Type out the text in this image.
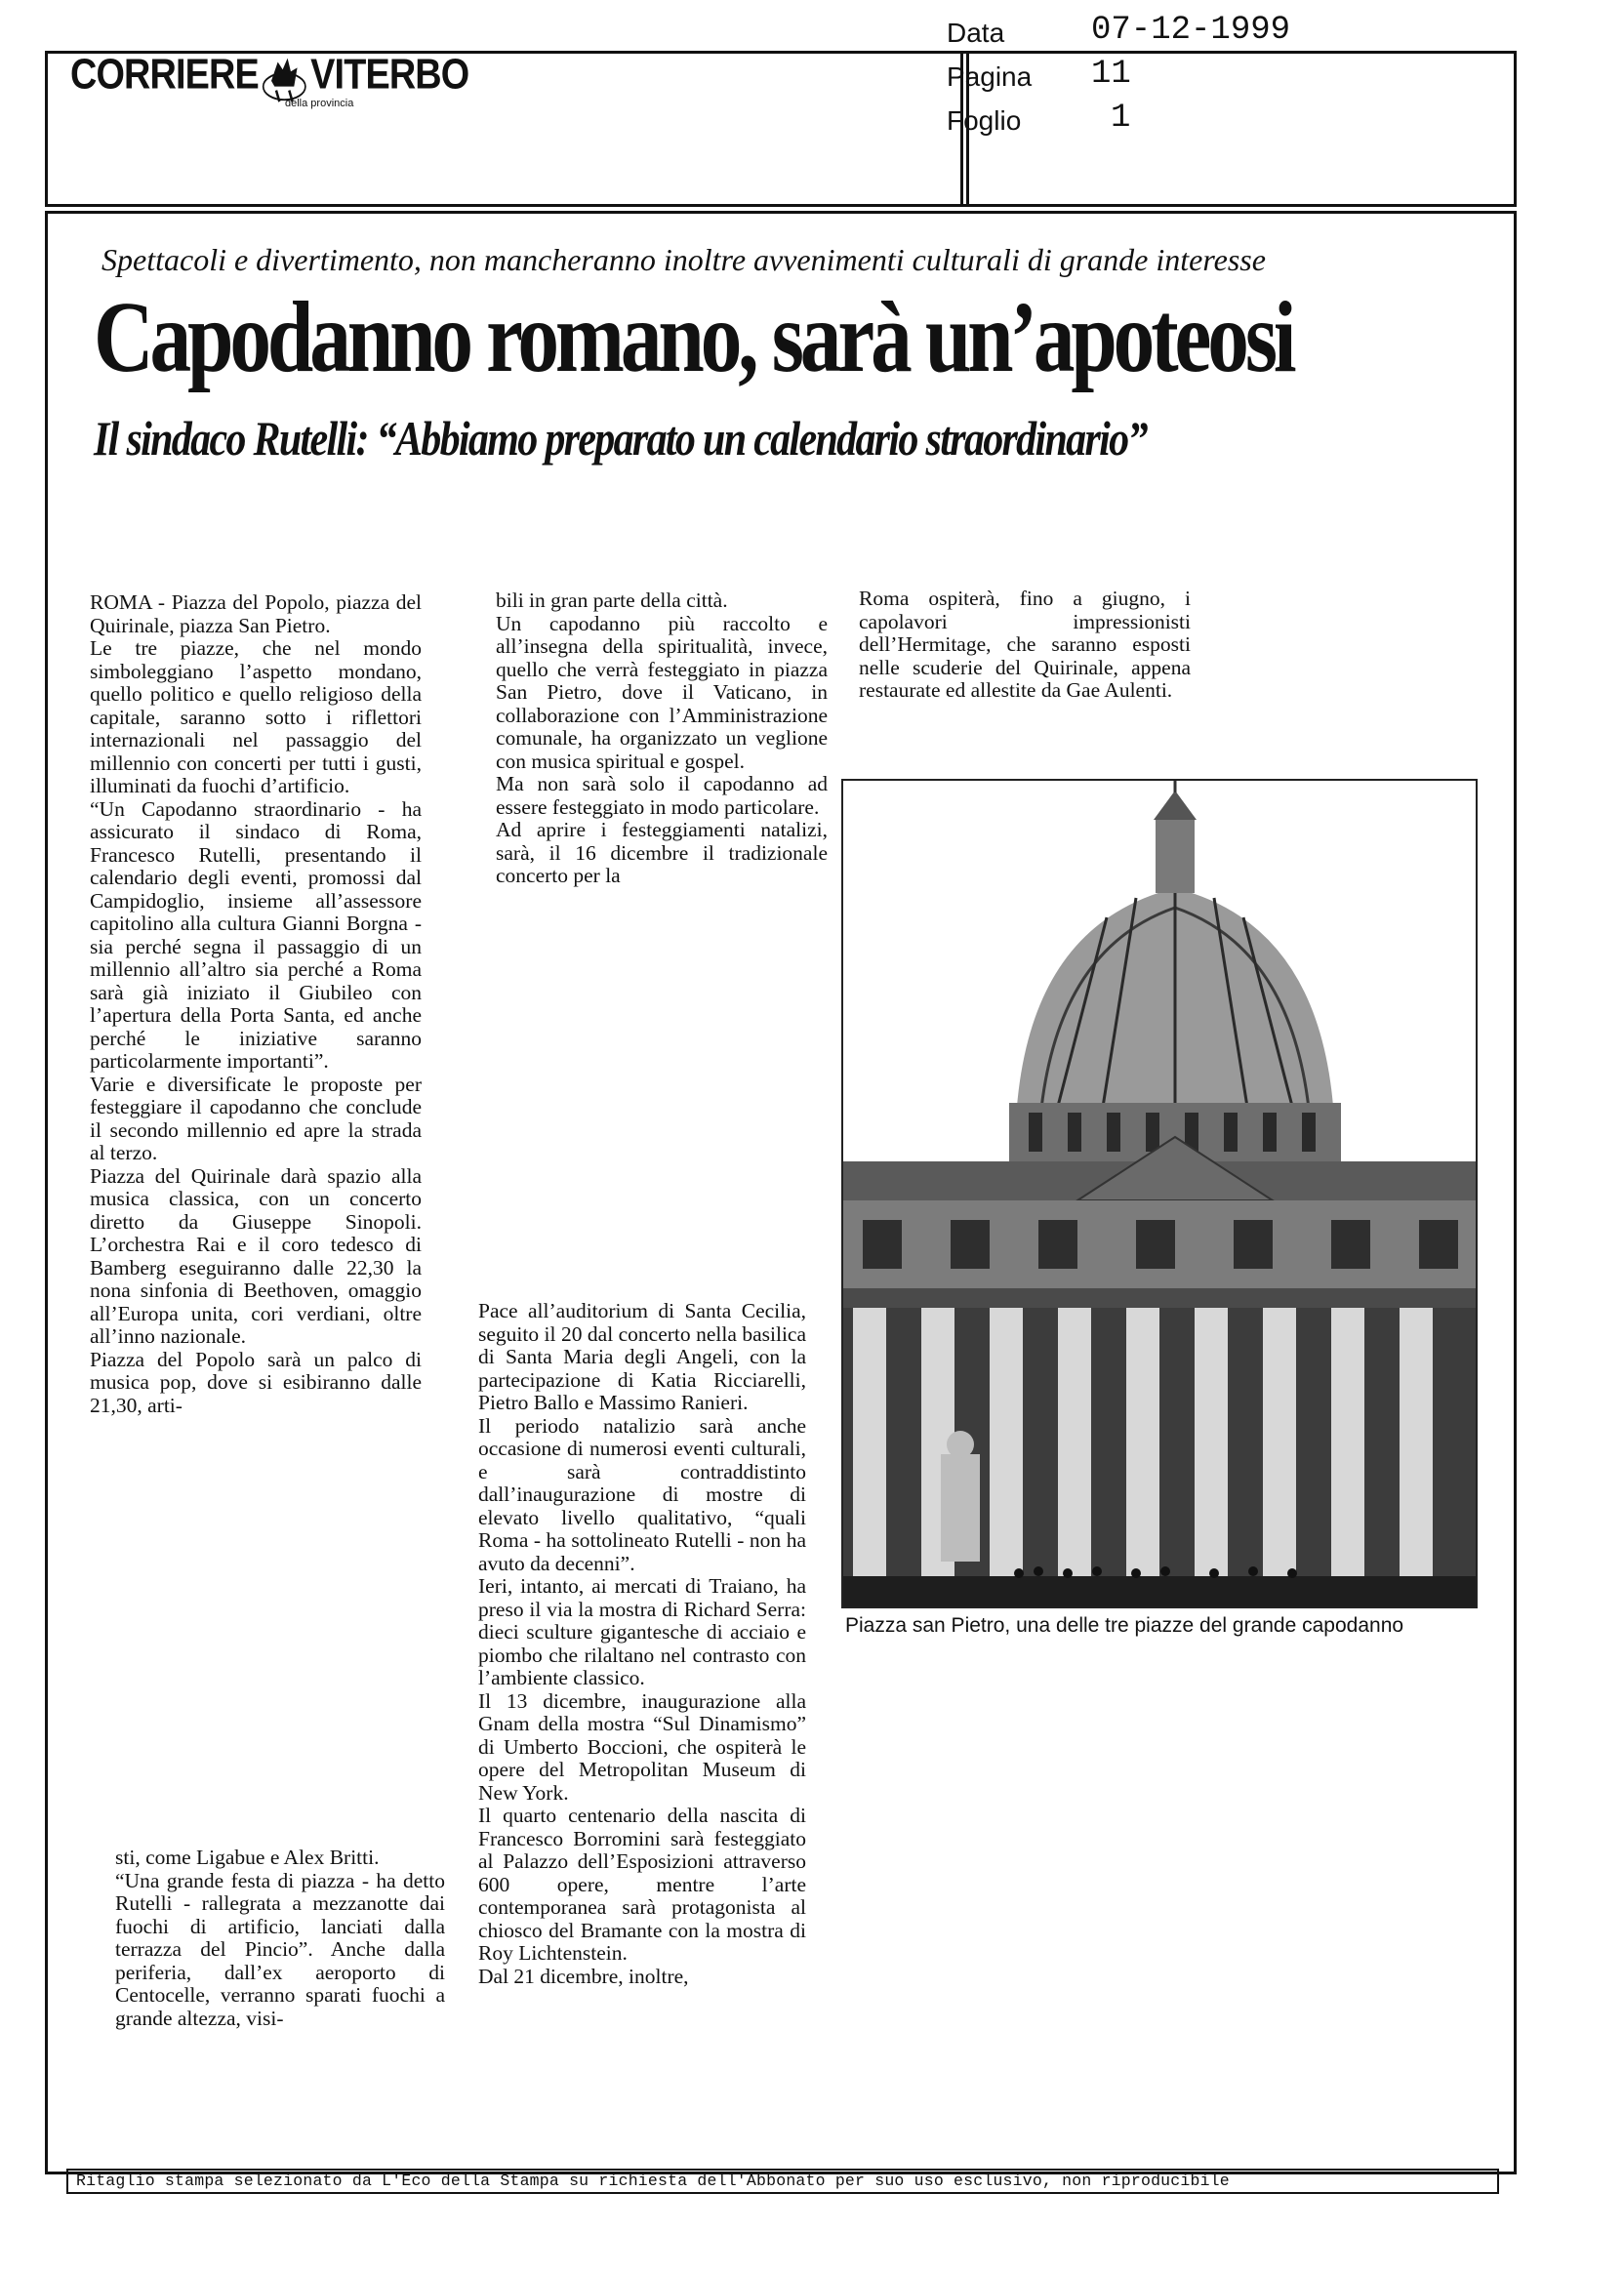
CORRIERE VITERBO
della provincia
Data	07-12-1999
Pagina 11
Foglio	1
Spettacoli e divertimento, non mancheranno inoltre avvenimenti culturali di grande interesse
Capodanno romano, sarà un’apoteosi
Il sindaco Rutelli: “Abbiamo preparato un calendario straordinario”

ROMA - Piazza del Popolo, piazza del Quirinale, piazza San Pietro.

Le tre piazze, che nel mondo simboleggiano l’aspetto mondano, quello politico e quello religioso della capitale, saranno sotto i riflettori internazionali nel passaggio del millennio con concerti per tutti i gusti, illuminati da fuochi d’artificio.

“Un Capodanno straordinario - ha assicurato il sindaco di Roma, Francesco Rutelli, presentando il calendario degli eventi, promossi dal Campidoglio, insieme all’assessore capitolino alla cultura Gianni Borgna - sia perché segna il passaggio di un millennio all’altro sia perché a Roma sarà già iniziato il Giubileo con l’apertura della Porta Santa, ed anche perché le iniziative saranno particolarmente importanti”.

Varie e diversificate le proposte per festeggiare il capodanno che conclude il secondo millennio ed apre la strada al terzo.

Piazza del Quirinale darà spazio alla musica classica, con un concerto diretto da Giuseppe Sinopoli. L’orchestra Rai e il coro tedesco di Bamberg eseguiranno dalle 22,30 la nona sinfonia di Beethoven, omaggio all’Europa unita, cori verdiani, oltre all’inno nazionale.

Piazza del Popolo sarà un palco di musica pop, dove si esibiranno dalle 21,30, arti-

sti, come Ligabue e Alex Britti.

“Una grande festa di piazza - ha detto Rutelli - rallegrata a mezzanotte dai fuochi di artificio, lanciati dalla terrazza del Pincio”. Anche dalla periferia, dall’ex aeroporto di Centocelle, verranno sparati fuochi a grande altezza, visi-

bili in gran parte della città.

Un capodanno più raccolto e all’insegna della spiritualità, invece, quello che verrà festeggiato in piazza San Pietro, dove il Vaticano, in collaborazione con l’Amministrazione comunale, ha organizzato un veglione con musica spiritual e gospel.

Ma non sarà solo il capodanno ad essere festeggiato in modo particolare.

Ad aprire i festeggiamenti natalizi, sarà, il 16 dicembre il tradizionale concerto per la

Pace all’auditorium di Santa Cecilia, seguito il 20 dal concerto nella basilica di Santa Maria degli Angeli, con la partecipazione di Katia Ricciarelli, Pietro Ballo e Massimo Ranieri.

Il periodo natalizio sarà anche occasione di numerosi eventi culturali, e sarà contraddistinto dall’inaugurazione di mostre di elevato livello qualitativo, “quali Roma - ha sottolineato Rutelli - non ha avuto da decenni”.

Ieri, intanto, ai mercati di Traiano, ha preso il via la mostra di Richard Serra: dieci sculture gigantesche di acciaio e piombo che rilaltano nel contrasto con l’ambiente classico.

Il 13 dicembre, inaugurazione alla Gnam della mostra “Sul Dinamismo” di Umberto Boccioni, che ospiterà le opere del Metropolitan Museum di New York.

Il quarto centenario della nascita di Francesco Borromini sarà festeggiato al Palazzo dell’Esposizioni attraverso 600 opere, mentre l’arte contemporanea sarà protagonista al chiosco del Bramante con la mostra di Roy Lichtenstein.

Dal 21 dicembre, inoltre,

Roma ospiterà, fino a giugno, i capolavori impressionisti dell’Hermitage, che saranno esposti nelle scuderie del Quirinale, appena restaurate ed allestite da Gae Aulenti.

Piazza san Pietro, una delle tre piazze del grande capodanno
Ritaglio stampa selezionato da L'Eco della Stampa su richiesta dell'Abbonato per suo uso esclusivo, non riproducibile
